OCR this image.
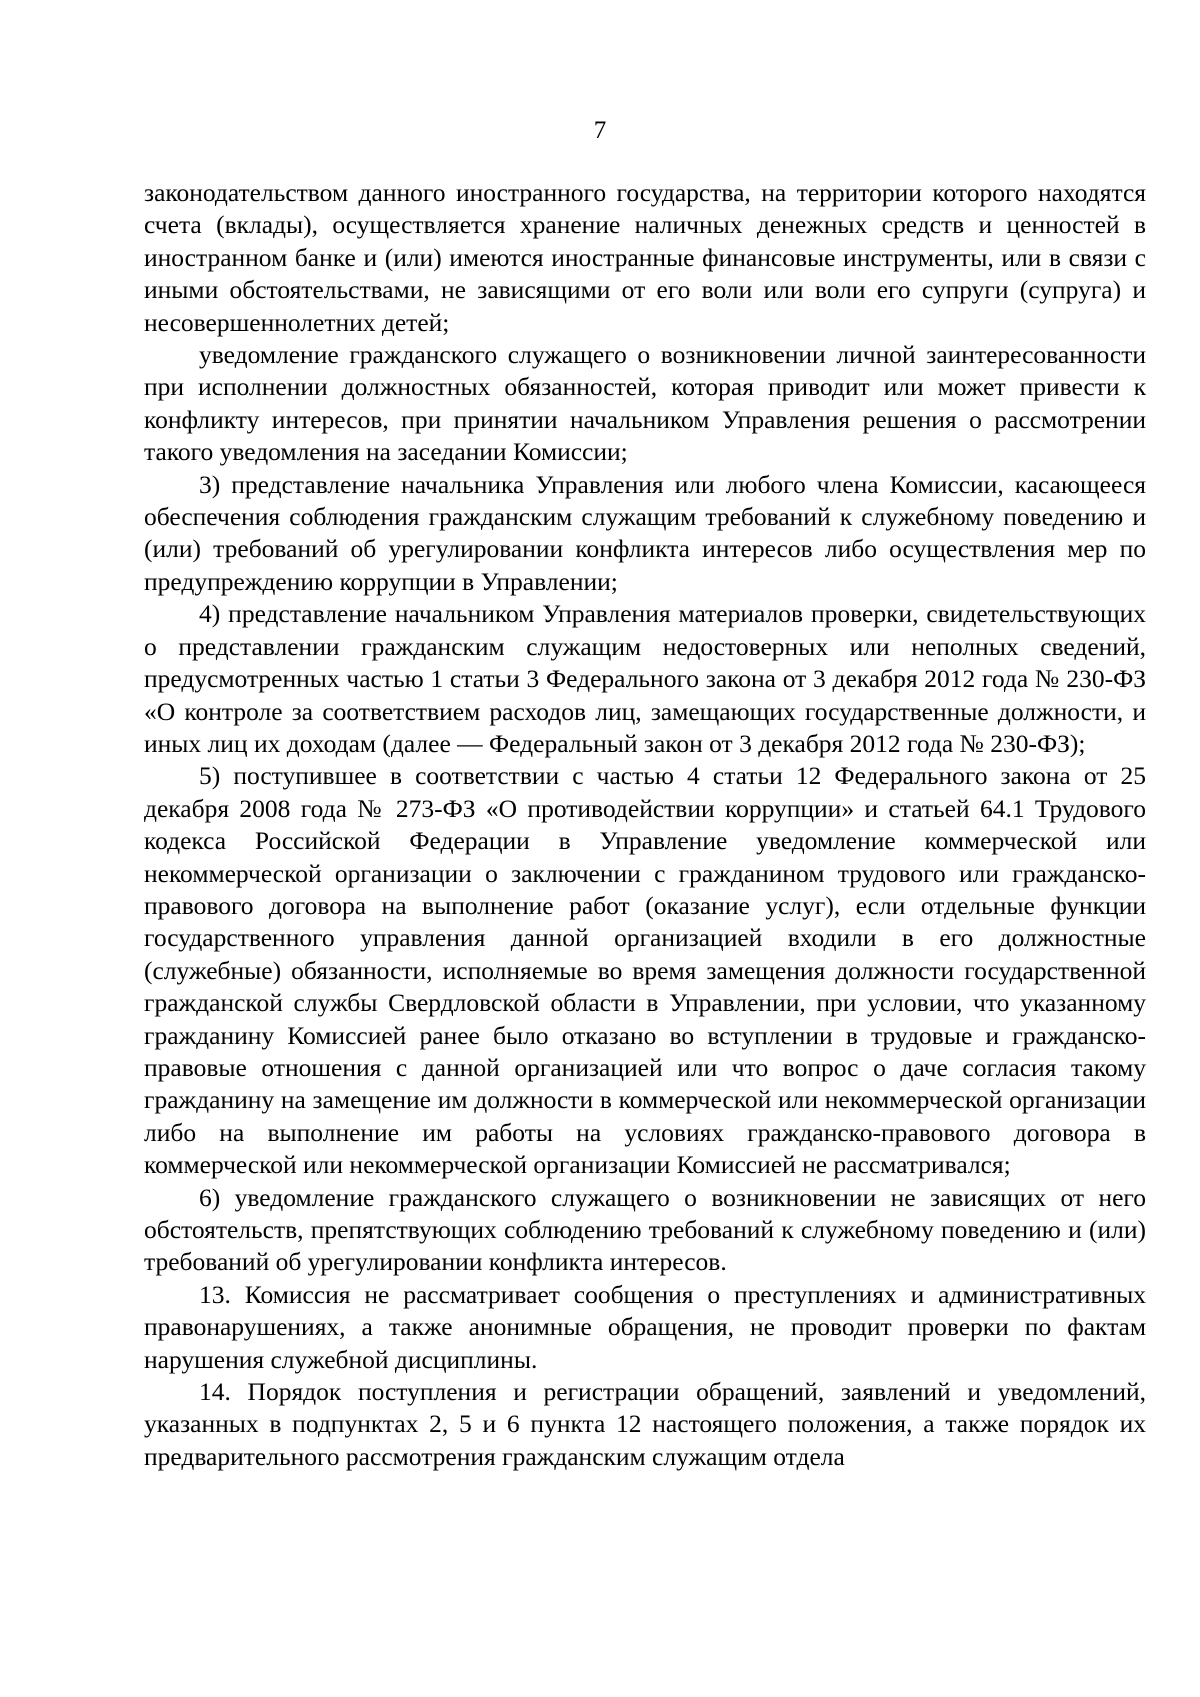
7

законодательством данного иностранного государства, на территории которого находятся счета (вклады), осуществляется хранение наличных денежных средств и ценностей в иностранном банке и (или) имеются иностранные финансовые инструменты, или в связи с иными обстоятельствами, не зависящими от его воли или воли его супруги (супруга) и несовершеннолетних детей;

уведомление гражданского служащего о возникновении личной заинтересованности при исполнении должностных обязанностей, которая приводит или может привести к конфликту интересов, при принятии начальником Управления решения о рассмотрении такого уведомления на заседании Комиссии;

3) представление начальника Управления или любого члена Комиссии, касающееся обеспечения соблюдения гражданским служащим требований к служебному поведению и (или) требований об урегулировании конфликта интересов либо осуществления мер по предупреждению коррупции в Управлении;

4) представление начальником Управления материалов проверки, свидетельствующих о представлении гражданским служащим недостоверных или неполных сведений, предусмотренных частью 1 статьи 3 Федерального закона от 3 декабря 2012 года № 230-ФЗ «О контроле за соответствием расходов лиц, замещающих государственные должности, и иных лиц их доходам (далее — Федеральный закон от 3 декабря 2012 года № 230-ФЗ);

5) поступившее в соответствии с частью 4 статьи 12 Федерального закона от 25 декабря 2008 года № 273-ФЗ «О противодействии коррупции» и статьей 64.1 Трудового кодекса Российской Федерации в Управление уведомление коммерческой или некоммерческой организации о заключении с гражданином трудового или гражданско-правового договора на выполнение работ (оказание услуг), если отдельные функции государственного управления данной организацией входили в его должностные (служебные) обязанности, исполняемые во время замещения должности государственной гражданской службы Свердловской области в Управлении, при условии, что указанному гражданину Комиссией ранее было отказано во вступлении в трудовые и гражданско-правовые отношения с данной организацией или что вопрос о даче согласия такому гражданину на замещение им должности в коммерческой или некоммерческой организации либо на выполнение им работы на условиях гражданско-правового договора в коммерческой или некоммерческой организации Комиссией не рассматривался;

6) уведомление гражданского служащего о возникновении не зависящих от него обстоятельств, препятствующих соблюдению требований к служебному поведению и (или) требований об урегулировании конфликта интересов.

13. Комиссия не рассматривает сообщения о преступлениях и административных правонарушениях, а также анонимные обращения, не проводит проверки по фактам нарушения служебной дисциплины.

14. Порядок поступления и регистрации обращений, заявлений и уведомлений, указанных в подпунктах 2, 5 и 6 пункта 12 настоящего положения, а также порядок их предварительного рассмотрения гражданским служащим отдела
